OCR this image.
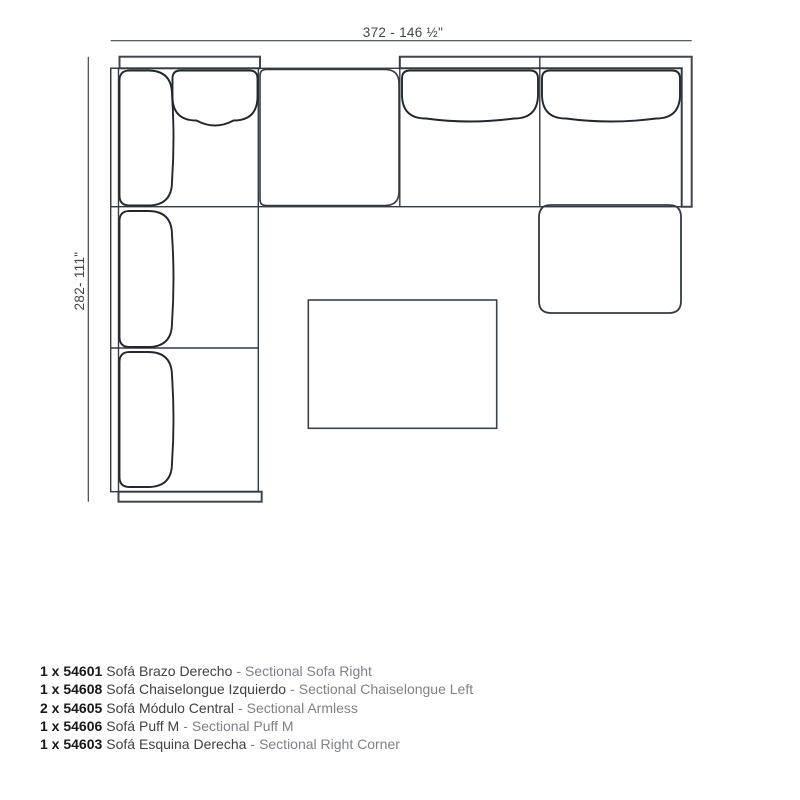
372 - 146 ½"
282- 111"
1 x 54601 Sofá Brazo Derecho - Sectional Sofa Right
1 x 54608 Sofá Chaiselongue Izquierdo - Sectional Chaiselongue Left
2 x 54605 Sofá Módulo Central - Sectional Armless
1 x 54606 Sofá Puff M - Sectional Puff M
1 x 54603 Sofá Esquina Derecha - Sectional Right Corner
